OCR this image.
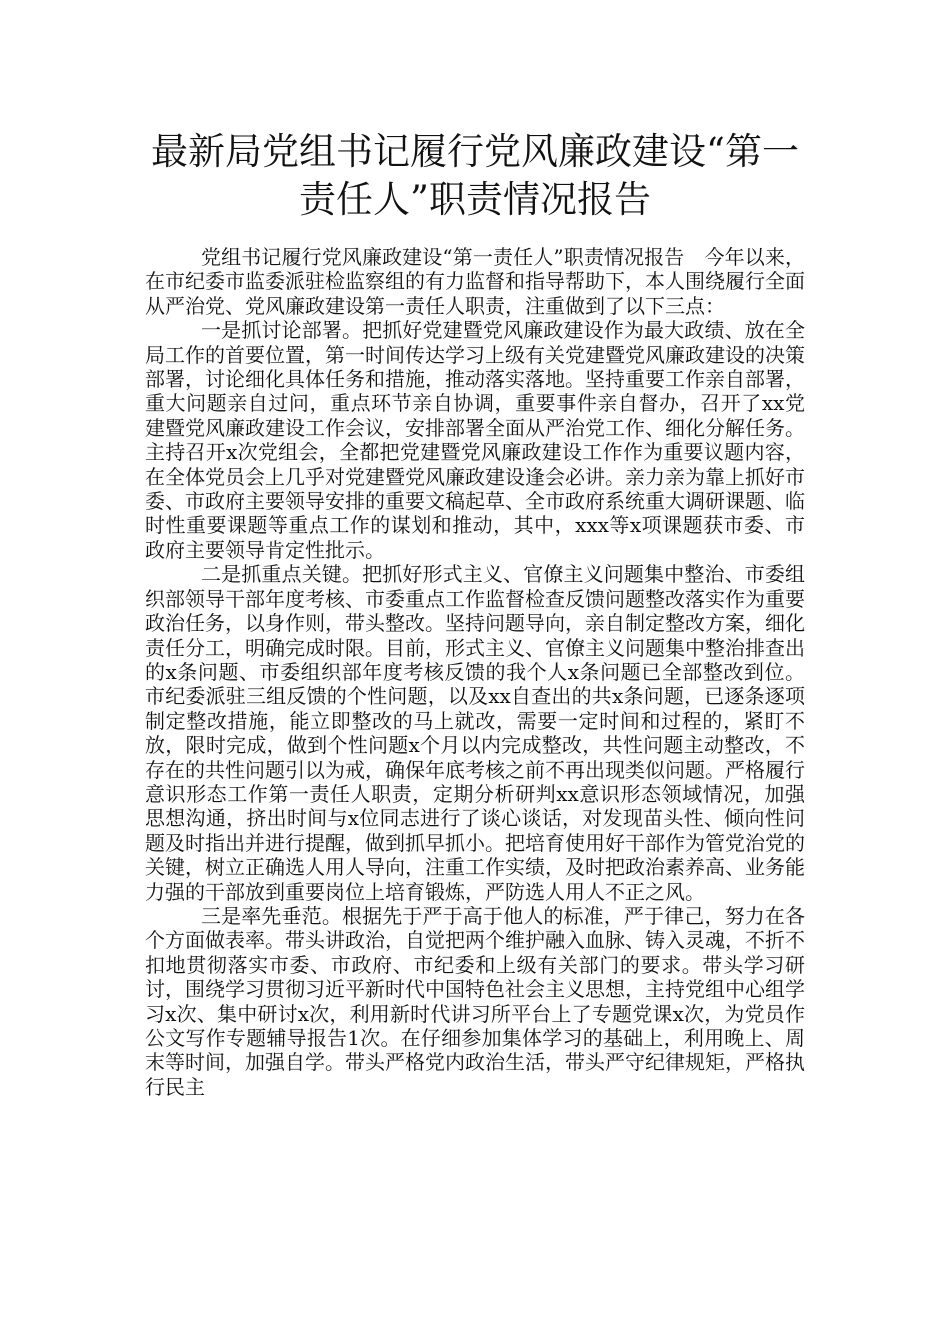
最新局党组书记履行党风廉政建设“第一责任人”职责情况报告

党组书记履行党风廉政建设“第一责任人”职责情况报告　今年以来，在市纪委市监委派驻检监察组的有力监督和指导帮助下，本人围绕履行全面从严治党、党风廉政建设第一责任人职责，注重做到了以下三点：

一是抓讨论部署。把抓好党建暨党风廉政建设作为最大政绩、放在全局工作的首要位置，第一时间传达学习上级有关党建暨党风廉政建设的决策部署，讨论细化具体任务和措施，推动落实落地。坚持重要工作亲自部署，重大问题亲自过问，重点环节亲自协调，重要事件亲自督办，召开了xx党建暨党风廉政建设工作会议，安排部署全面从严治党工作、细化分解任务。主持召开x次党组会，全都把党建暨党风廉政建设工作作为重要议题内容，在全体党员会上几乎对党建暨党风廉政建设逢会必讲。亲力亲为靠上抓好市委、市政府主要领导安排的重要文稿起草、全市政府系统重大调研课题、临时性重要课题等重点工作的谋划和推动，其中，xxx等x项课题获市委、市政府主要领导肯定性批示。

二是抓重点关键。把抓好形式主义、官僚主义问题集中整治、市委组织部领导干部年度考核、市委重点工作监督检查反馈问题整改落实作为重要政治任务，以身作则，带头整改。坚持问题导向，亲自制定整改方案，细化责任分工，明确完成时限。目前，形式主义、官僚主义问题集中整治排查出的x条问题、市委组织部年度考核反馈的我个人x条问题已全部整改到位。市纪委派驻三组反馈的个性问题，以及xx自查出的共x条问题，已逐条逐项制定整改措施，能立即整改的马上就改，需要一定时间和过程的，紧盯不放，限时完成，做到个性问题x个月以内完成整改，共性问题主动整改，不存在的共性问题引以为戒，确保年底考核之前不再出现类似问题。严格履行意识形态工作第一责任人职责，定期分析研判xx意识形态领域情况，加强思想沟通，挤出时间与x位同志进行了谈心谈话，对发现苗头性、倾向性问题及时指出并进行提醒，做到抓早抓小。把培育使用好干部作为管党治党的关键，树立正确选人用人导向，注重工作实绩，及时把政治素养高、业务能力强的干部放到重要岗位上培育锻炼，严防选人用人不正之风。

三是率先垂范。根据先于严于高于他人的标准，严于律己，努力在各个方面做表率。带头讲政治，自觉把两个维护融入血脉、铸入灵魂，不折不扣地贯彻落实市委、市政府、市纪委和上级有关部门的要求。带头学习研讨，围绕学习贯彻习近平新时代中国特色社会主义思想，主持党组中心组学习x次、集中研讨x次，利用新时代讲习所平台上了专题党课x次，为党员作公文写作专题辅导报告1次。在仔细参加集体学习的基础上，利用晚上、周末等时间，加强自学。带头严格党内政治生活，带头严守纪律规矩，严格执行民主
